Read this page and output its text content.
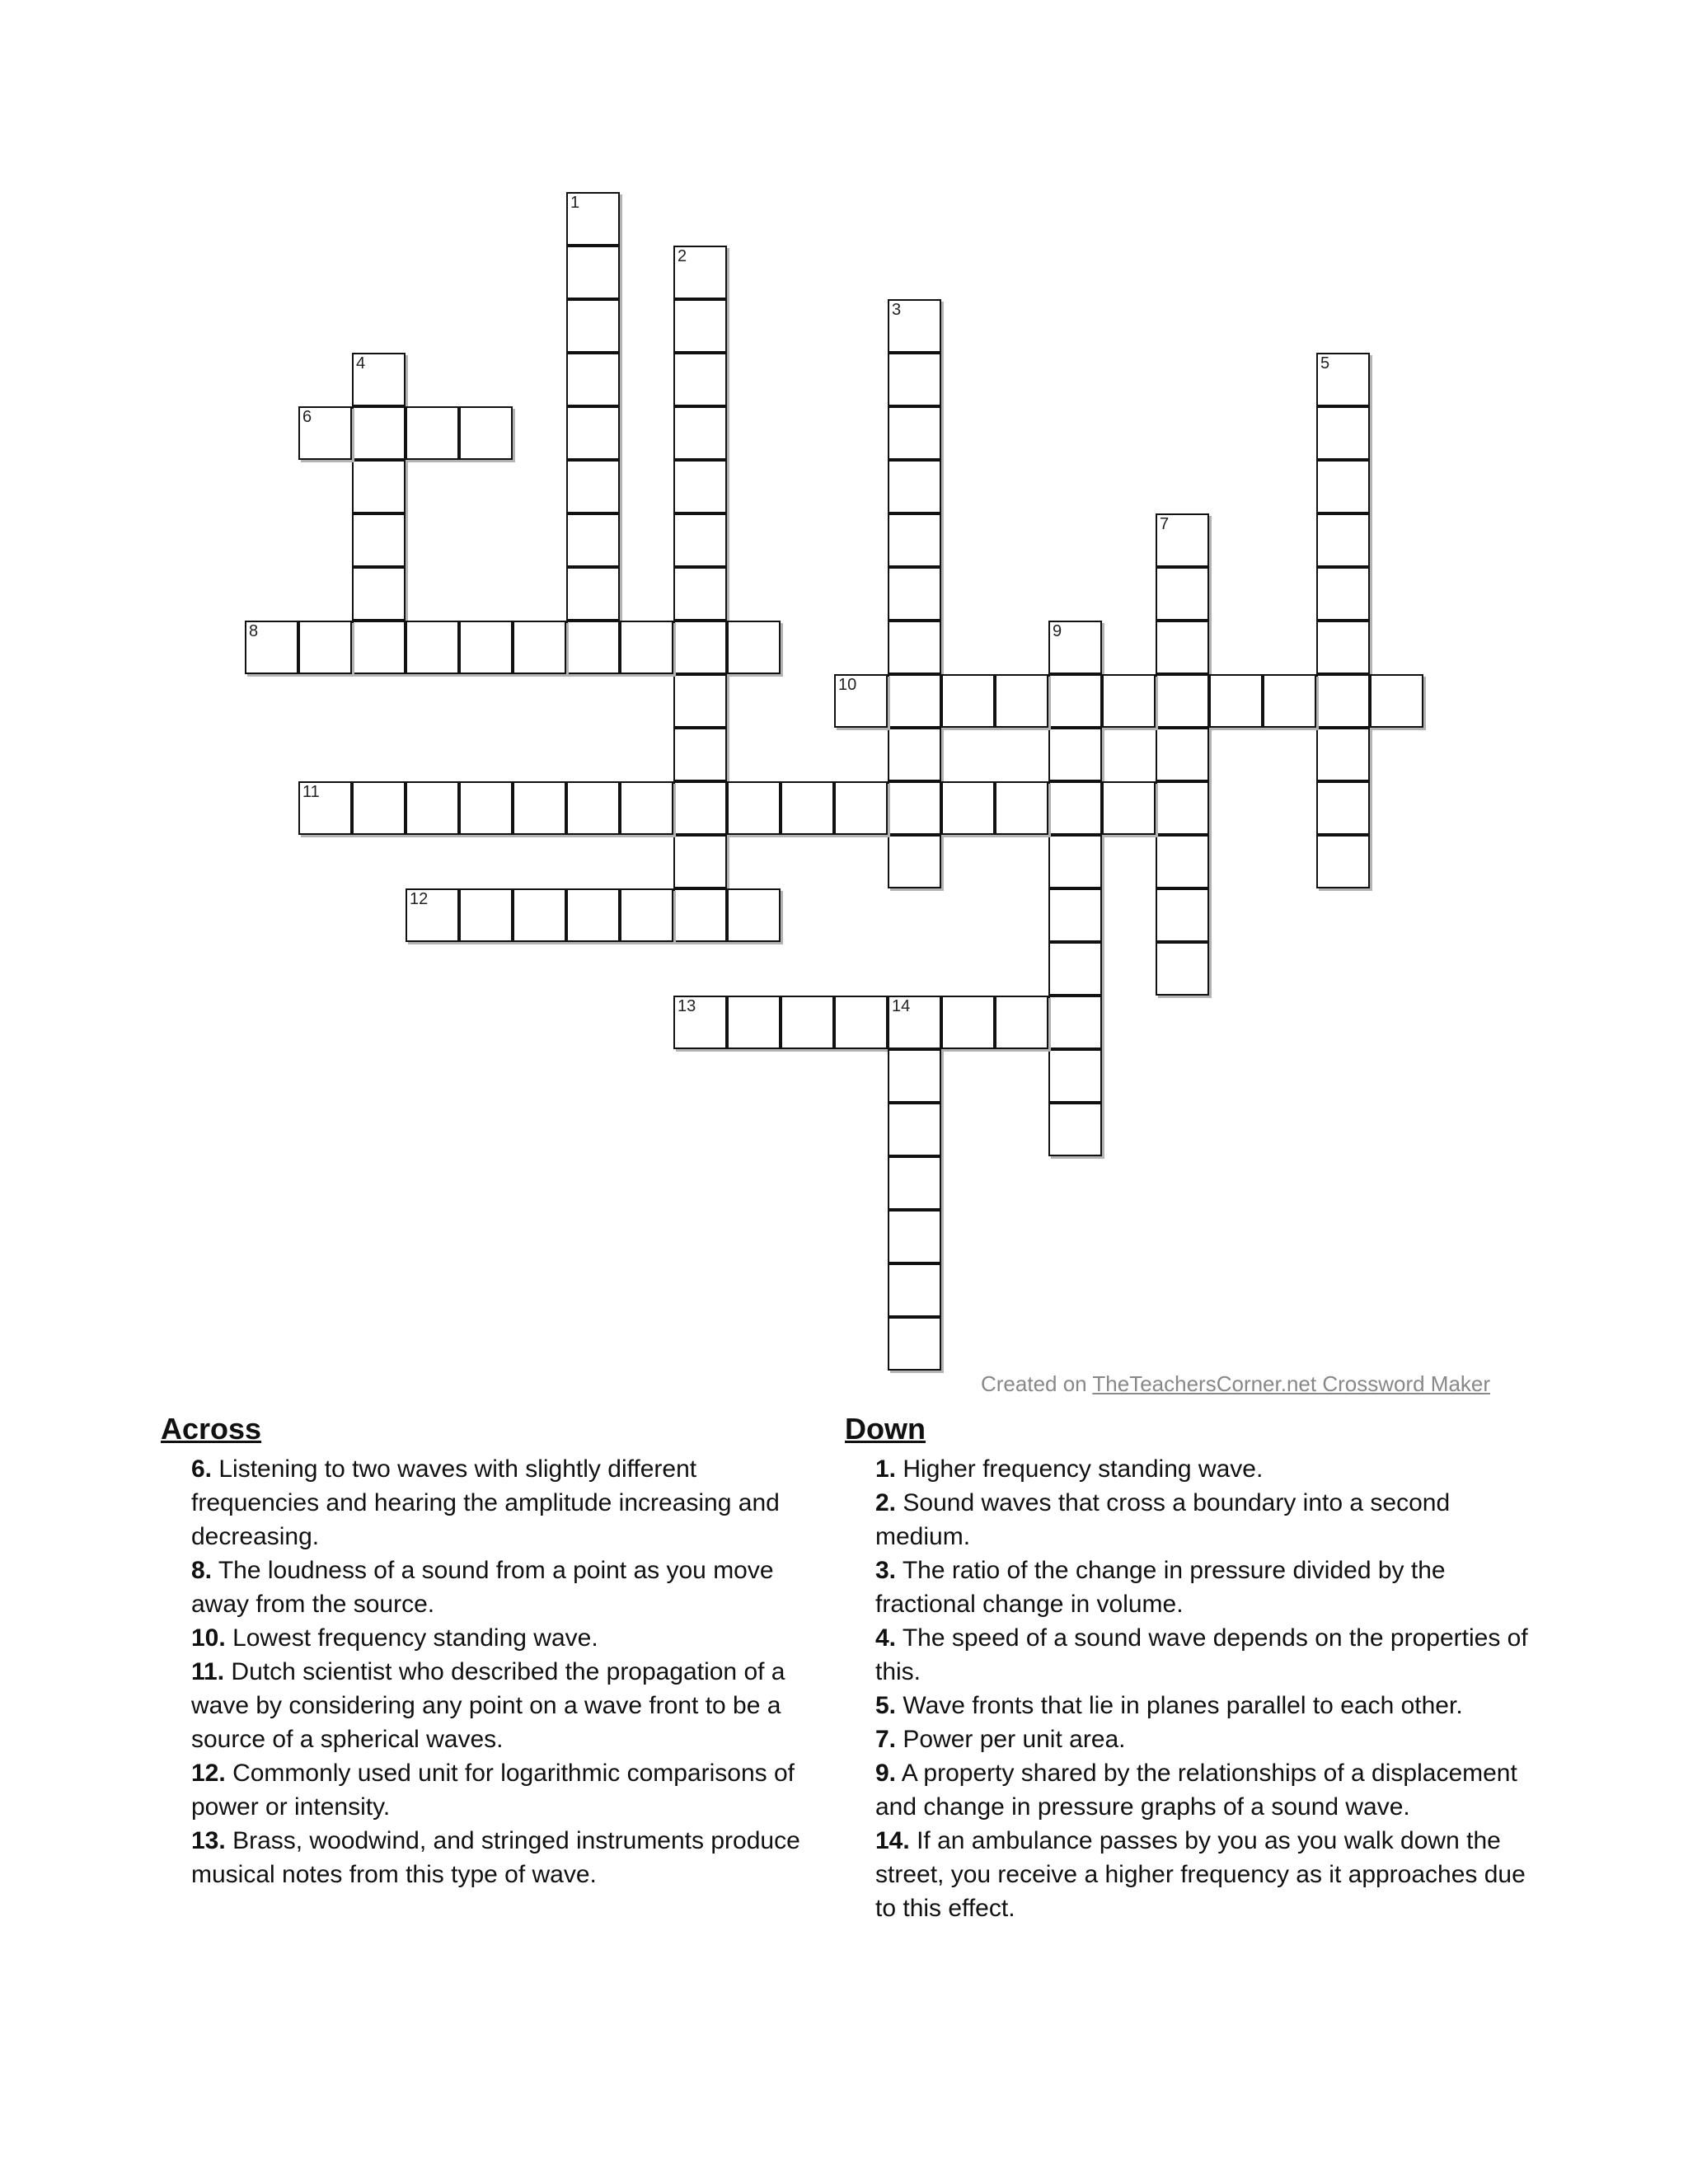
1
2
3
4	5
6
7
8	9
10
11
12
13	14
Created on TheTeachersCorner.net Crossword Maker
Across
6. Listening to two waves with slightly different frequencies and hearing the amplitude increasing and decreasing.
8. The loudness of a sound from a point as you move away from the source.
10. Lowest frequency standing wave.
11. Dutch scientist who described the propagation of a wave by considering any point on a wave front to be a source of a spherical waves.
12. Commonly used unit for logarithmic comparisons of power or intensity.
13. Brass, woodwind, and stringed instruments produce musical notes from this type of wave.
Down
1. Higher frequency standing wave.
2. Sound waves that cross a boundary into a second medium.
3. The ratio of the change in pressure divided by the fractional change in volume.
4. The speed of a sound wave depends on the properties of this.
5. Wave fronts that lie in planes parallel to each other.
7. Power per unit area.
9. A property shared by the relationships of a displacement and change in pressure graphs of a sound wave.
14. If an ambulance passes by you as you walk down the street, you receive a higher frequency as it approaches due to this effect.
